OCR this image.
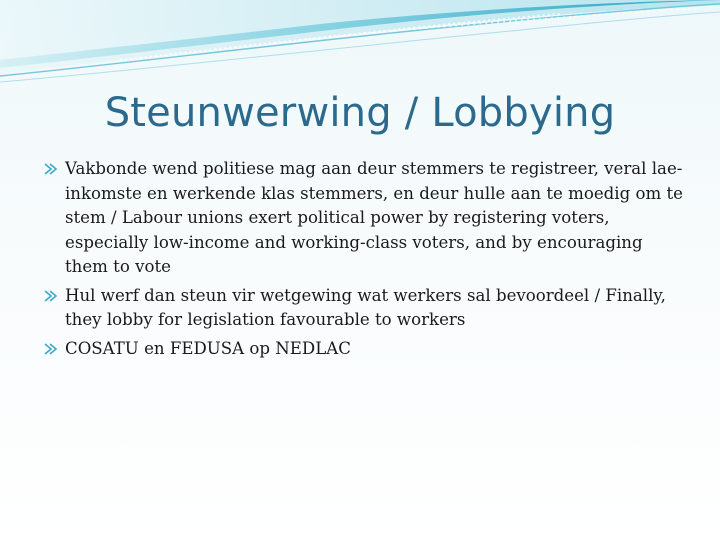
Steunwerwing / Lobbying
Vakbonde wend politiese mag aan deur stemmers te registreer, veral lae-inkomste en werkende klas stemmers, en deur hulle aan te moedig om te stem / Labour unions exert political power by registering voters, especially low-income and working-class voters, and by encouraging them to vote
Hul werf dan steun vir wetgewing wat werkers sal bevoordeel / Finally, they lobby for legislation favourable to workers
COSATU en FEDUSA op NEDLAC
